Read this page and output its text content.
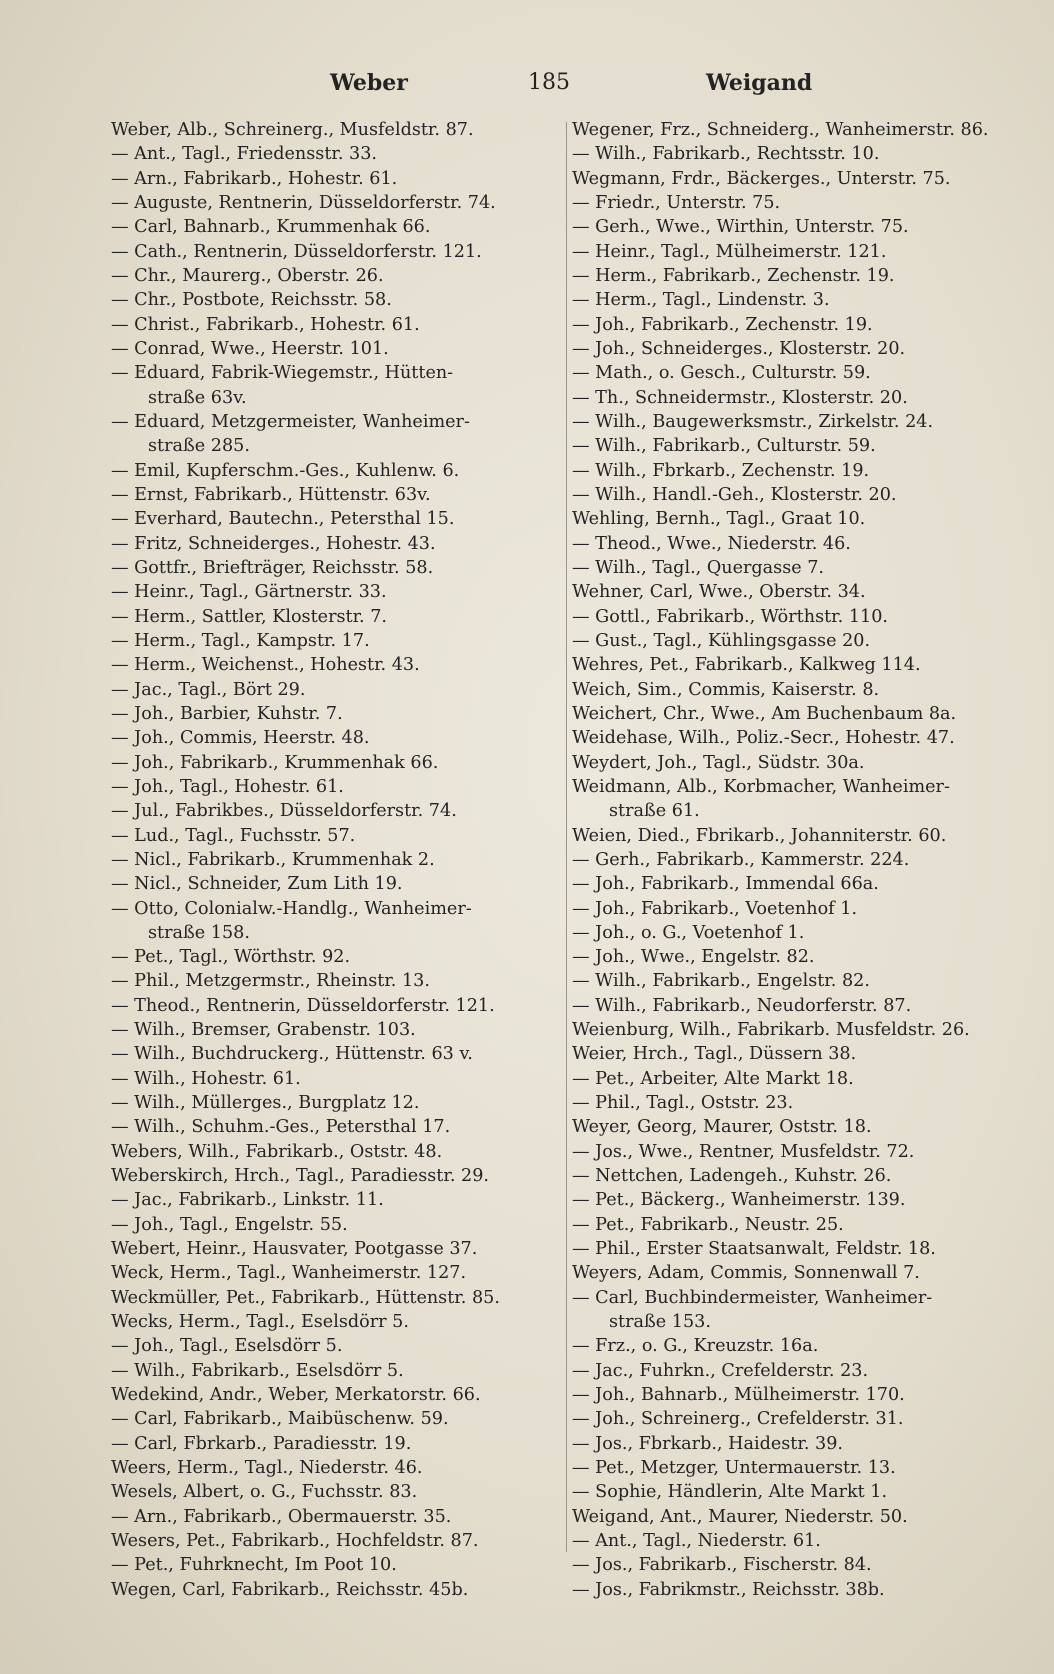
Weber	185	Weigand
Weber, Alb., Schreinerg., Musfeldstr. 87.
— Ant., Tagl., Friedensstr. 33.
— Arn., Fabrikarb., Hohestr. 61.
— Auguste, Rentnerin, Düsseldorferstr. 74.
— Carl, Bahnarb., Krummenhak 66.
— Cath., Rentnerin, Düsseldorferstr. 121.
— Chr., Maurerg., Oberstr. 26.
— Chr., Postbote, Reichsstr. 58.
— Christ., Fabrikarb., Hohestr. 61.
— Conrad, Wwe., Heerstr. 101.
— Eduard, Fabrik-Wiegemstr., Hütten-
straße 63v.
— Eduard, Metzgermeister, Wanheimer-
straße 285.
— Emil, Kupferschm.-Ges., Kuhlenw. 6.
— Ernst, Fabrikarb., Hüttenstr. 63v.
— Everhard, Bautechn., Petersthal 15.
— Fritz, Schneiderges., Hohestr. 43.
— Gottfr., Briefträger, Reichsstr. 58.
— Heinr., Tagl., Gärtnerstr. 33.
— Herm., Sattler, Klosterstr. 7.
— Herm., Tagl., Kampstr. 17.
— Herm., Weichenst., Hohestr. 43.
— Jac., Tagl., Bört 29.
— Joh., Barbier, Kuhstr. 7.
— Joh., Commis, Heerstr. 48.
— Joh., Fabrikarb., Krummenhak 66.
— Joh., Tagl., Hohestr. 61.
— Jul., Fabrikbes., Düsseldorferstr. 74.
— Lud., Tagl., Fuchsstr. 57.
— Nicl., Fabrikarb., Krummenhak 2.
— Nicl., Schneider, Zum Lith 19.
— Otto, Colonialw.-Handlg., Wanheimer-
straße 158.
— Pet., Tagl., Wörthstr. 92.
— Phil., Metzgermstr., Rheinstr. 13.
— Theod., Rentnerin, Düsseldorferstr. 121.
— Wilh., Bremser, Grabenstr. 103.
— Wilh., Buchdruckerg., Hüttenstr. 63 v.
— Wilh., Hohestr. 61.
— Wilh., Müllerges., Burgplatz 12.
— Wilh., Schuhm.-Ges., Petersthal 17.
Webers, Wilh., Fabrikarb., Oststr. 48.
Weberskirch, Hrch., Tagl., Paradiesstr. 29.
— Jac., Fabrikarb., Linkstr. 11.
— Joh., Tagl., Engelstr. 55.
Webert, Heinr., Hausvater, Pootgasse 37.
Weck, Herm., Tagl., Wanheimerstr. 127.
Weckmüller, Pet., Fabrikarb., Hüttenstr. 85.
Wecks, Herm., Tagl., Eselsdörr 5.
— Joh., Tagl., Eselsdörr 5.
— Wilh., Fabrikarb., Eselsdörr 5.
Wedekind, Andr., Weber, Merkatorstr. 66.
— Carl, Fabrikarb., Maibüschenw. 59.
— Carl, Fbrkarb., Paradiesstr. 19.
Weers, Herm., Tagl., Niederstr. 46.
Wesels, Albert, o. G., Fuchsstr. 83.
— Arn., Fabrikarb., Obermauerstr. 35.
Wesers, Pet., Fabrikarb., Hochfeldstr. 87.
— Pet., Fuhrknecht, Im Poot 10.
Wegen, Carl, Fabrikarb., Reichsstr. 45b.
Wegener, Frz., Schneiderg., Wanheimerstr. 86.
— Wilh., Fabrikarb., Rechtsstr. 10.
Wegmann, Frdr., Bäckerges., Unterstr. 75.
— Friedr., Unterstr. 75.
— Gerh., Wwe., Wirthin, Unterstr. 75.
— Heinr., Tagl., Mülheimerstr. 121.
— Herm., Fabrikarb., Zechenstr. 19.
— Herm., Tagl., Lindenstr. 3.
— Joh., Fabrikarb., Zechenstr. 19.
— Joh., Schneiderges., Klosterstr. 20.
— Math., o. Gesch., Culturstr. 59.
— Th., Schneidermstr., Klosterstr. 20.
— Wilh., Baugewerksmstr., Zirkelstr. 24.
— Wilh., Fabrikarb., Culturstr. 59.
— Wilh., Fbrkarb., Zechenstr. 19.
— Wilh., Handl.-Geh., Klosterstr. 20.
Wehling, Bernh., Tagl., Graat 10.
— Theod., Wwe., Niederstr. 46.
— Wilh., Tagl., Quergasse 7.
Wehner, Carl, Wwe., Oberstr. 34.
— Gottl., Fabrikarb., Wörthstr. 110.
— Gust., Tagl., Kühlingsgasse 20.
Wehres, Pet., Fabrikarb., Kalkweg 114.
Weich, Sim., Commis, Kaiserstr. 8.
Weichert, Chr., Wwe., Am Buchenbaum 8a.
Weidehase, Wilh., Poliz.-Secr., Hohestr. 47.
Weydert, Joh., Tagl., Südstr. 30a.
Weidmann, Alb., Korbmacher, Wanheimer-
straße 61.
Weien, Died., Fbrikarb., Johanniterstr. 60.
— Gerh., Fabrikarb., Kammerstr. 224.
— Joh., Fabrikarb., Immendal 66a.
— Joh., Fabrikarb., Voetenhof 1.
— Joh., o. G., Voetenhof 1.
— Joh., Wwe., Engelstr. 82.
— Wilh., Fabrikarb., Engelstr. 82.
— Wilh., Fabrikarb., Neudorferstr. 87.
Weienburg, Wilh., Fabrikarb. Musfeldstr. 26.
Weier, Hrch., Tagl., Düssern 38.
— Pet., Arbeiter, Alte Markt 18.
— Phil., Tagl., Oststr. 23.
Weyer, Georg, Maurer, Oststr. 18.
— Jos., Wwe., Rentner, Musfeldstr. 72.
— Nettchen, Ladengeh., Kuhstr. 26.
— Pet., Bäckerg., Wanheimerstr. 139.
— Pet., Fabrikarb., Neustr. 25.
— Phil., Erster Staatsanwalt, Feldstr. 18.
Weyers, Adam, Commis, Sonnenwall 7.
— Carl, Buchbindermeister, Wanheimer-
straße 153.
— Frz., o. G., Kreuzstr. 16a.
— Jac., Fuhrkn., Crefelderstr. 23.
— Joh., Bahnarb., Mülheimerstr. 170.
— Joh., Schreinerg., Crefelderstr. 31.
— Jos., Fbrkarb., Haidestr. 39.
— Pet., Metzger, Untermauerstr. 13.
— Sophie, Händlerin, Alte Markt 1.
Weigand, Ant., Maurer, Niederstr. 50.
— Ant., Tagl., Niederstr. 61.
— Jos., Fabrikarb., Fischerstr. 84.
— Jos., Fabrikmstr., Reichsstr. 38b.
